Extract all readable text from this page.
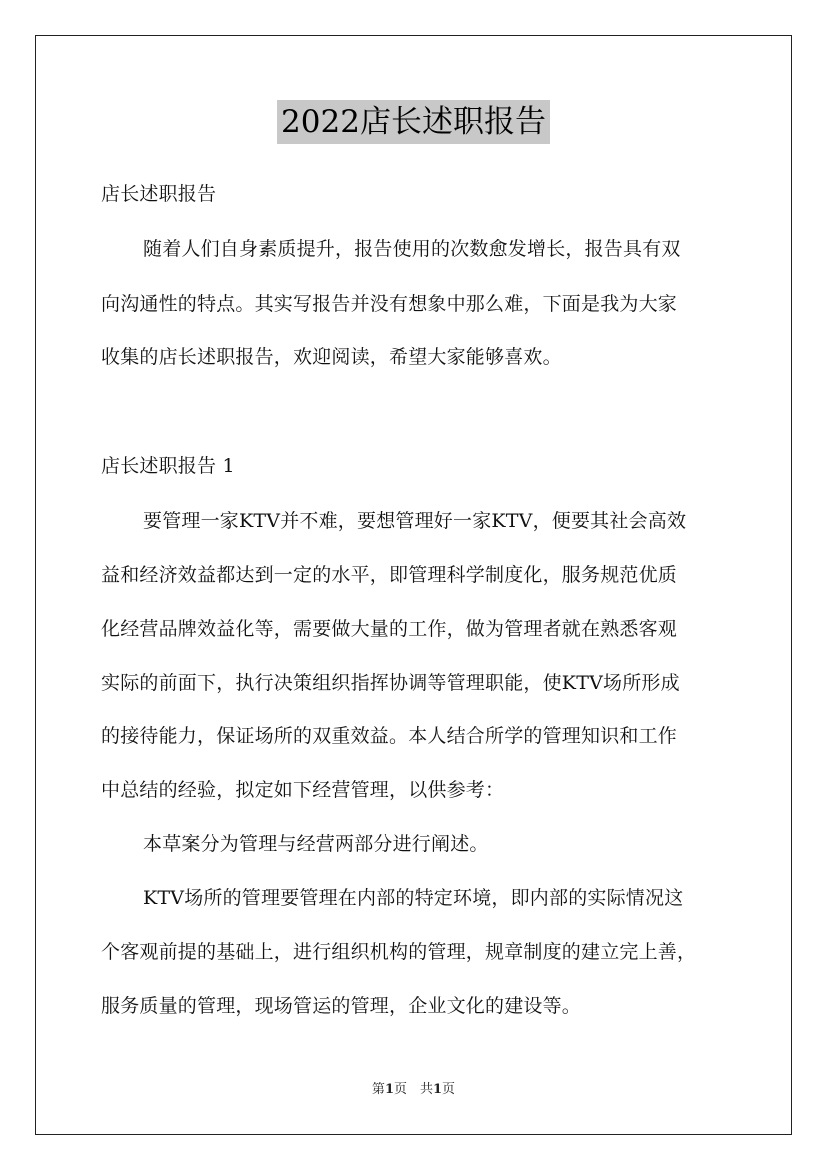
2022店长述职报告
店长述职报告
随着人们自身素质提升，报告使用的次数愈发增长，报告具有双
向沟通性的特点。其实写报告并没有想象中那么难，下面是我为大家
收集的店长述职报告，欢迎阅读，希望大家能够喜欢。
店长述职报告 1
要管理一家KTV并不难，要想管理好一家KTV，便要其社会高效
益和经济效益都达到一定的水平，即管理科学制度化，服务规范优质
化经营品牌效益化等，需要做大量的工作，做为管理者就在熟悉客观
实际的前面下，执行决策组织指挥协调等管理职能，使KTV场所形成
的接待能力，保证场所的双重效益。本人结合所学的管理知识和工作
中总结的经验，拟定如下经营管理，以供参考：
本草案分为管理与经营两部分进行阐述。
KTV场所的管理要管理在内部的特定环境，即内部的实际情况这
个客观前提的基础上，进行组织机构的管理，规章制度的建立完上善，
服务质量的管理，现场管运的管理，企业文化的建设等。
第1页　共1页
